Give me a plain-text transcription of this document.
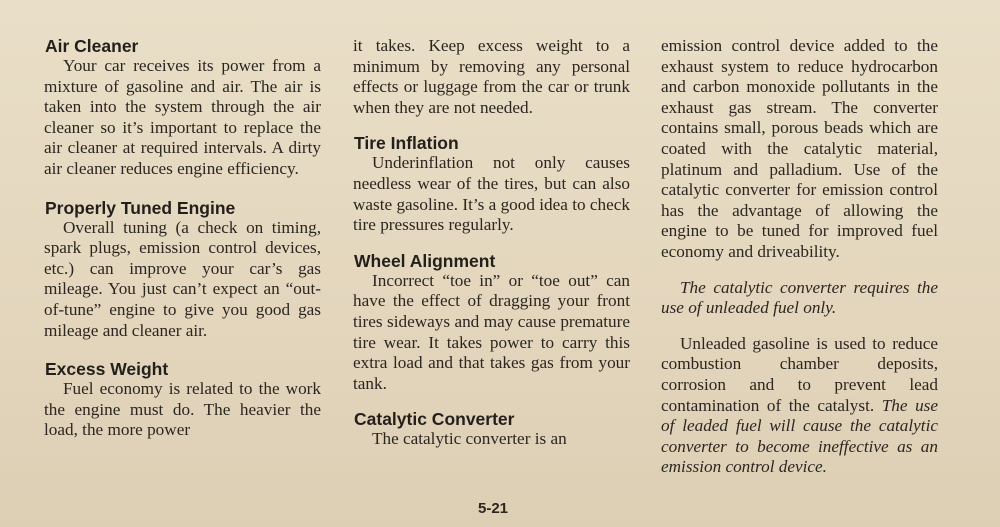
Air Cleaner

Your car receives its power from a mixture of gasoline and air. The air is taken into the system through the air cleaner so it’s important to replace the air cleaner at required intervals. A dirty air cleaner reduces engine efficiency.

Properly Tuned Engine

Overall tuning (a check on timing, spark plugs, emission control devices, etc.) can improve your car’s gas mileage. You just can’t expect an “out-of-tune” engine to give you good gas mileage and cleaner air.

Excess Weight

Fuel economy is related to the work the engine must do. The heavier the load, the more power

it takes. Keep excess weight to a minimum by removing any personal effects or luggage from the car or trunk when they are not needed.

Tire Inflation

Underinflation not only causes needless wear of the tires, but can also waste gasoline. It’s a good idea to check tire pressures regularly.

Wheel Alignment

Incorrect “toe in” or “toe out” can have the effect of dragging your front tires sideways and may cause premature tire wear. It takes power to carry this extra load and that takes gas from your tank.

Catalytic Converter

The catalytic converter is an

emission control device added to the exhaust system to reduce hydrocarbon and carbon monoxide pollutants in the exhaust gas stream. The converter contains small, porous beads which are coated with the catalytic material, platinum and palladium. Use of the catalytic converter for emission control has the advantage of allowing the engine to be tuned for improved fuel economy and driveability.

The catalytic converter requires the use of unleaded fuel only.

Unleaded gasoline is used to reduce combustion chamber deposits, corrosion and to prevent lead contamination of the catalyst. The use of leaded fuel will cause the catalytic converter to become ineffective as an emission control device.

5-21
